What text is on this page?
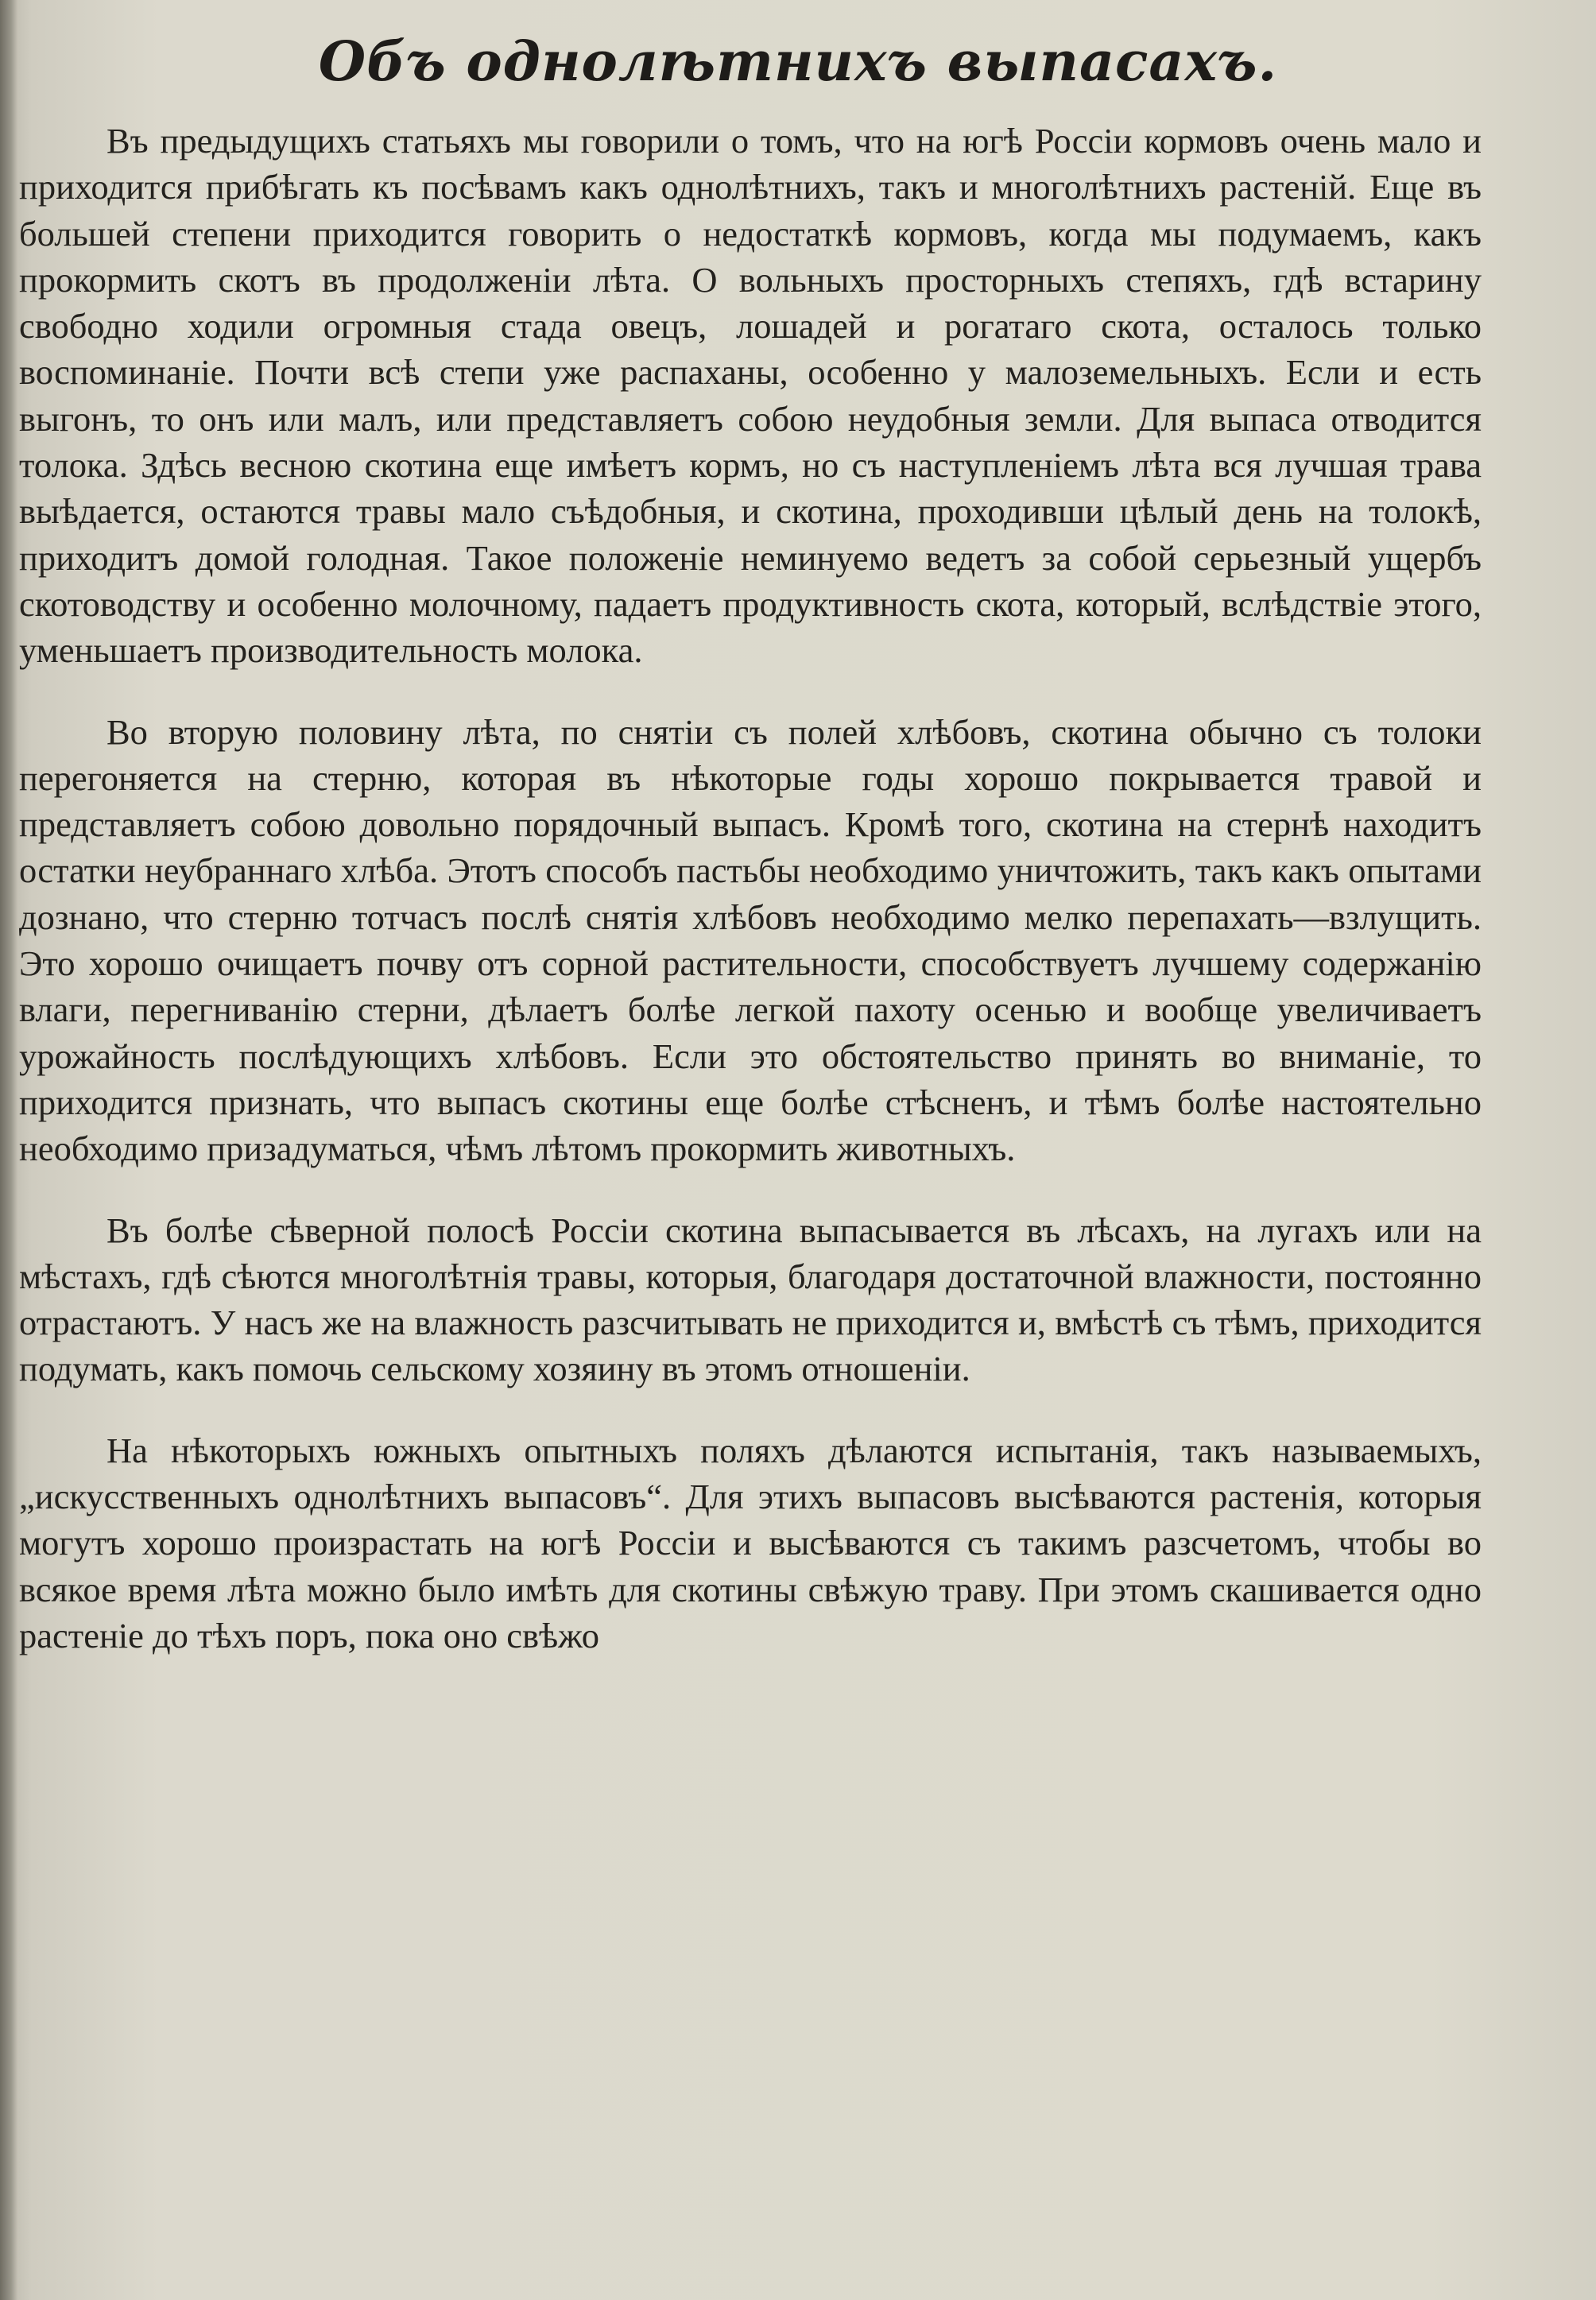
Объ однолѣтнихъ выпасахъ.

Въ предыдущихъ статьяхъ мы говорили о томъ, что на югѣ Россіи кормовъ очень мало и приходится прибѣгать къ посѣвамъ какъ однолѣтнихъ, такъ и многолѣтнихъ растеній. Еще въ большей степени приходится говорить о недостаткѣ кормовъ, когда мы подумаемъ, какъ прокормить скотъ въ продолженіи лѣта. О вольныхъ просторныхъ степяхъ, гдѣ встарину свободно ходили огромныя стада овецъ, лошадей и рогатаго скота, осталось только воспоминаніе. Почти всѣ степи уже распаханы, особенно у малоземельныхъ. Если и есть выгонъ, то онъ или малъ, или представляетъ собою неудобныя земли. Для выпаса отводится толока. Здѣсь весною скотина еще имѣетъ кормъ, но съ наступленіемъ лѣта вся лучшая трава выѣдается, остаются травы мало съѣдобныя, и скотина, проходивши цѣлый день на толокѣ, приходитъ домой голодная. Такое положеніе неминуемо ведетъ за собой серьезный ущербъ скотоводству и особенно молочному, падаетъ продуктивность скота, который, вслѣдствіе этого, уменьшаетъ производительность молока.

Во вторую половину лѣта, по снятіи съ полей хлѣбовъ, скотина обычно съ толоки перегоняется на стерню, которая въ нѣкоторые годы хорошо покрывается травой и представляетъ собою довольно порядочный выпасъ. Кромѣ того, скотина на стернѣ находитъ остатки неубраннаго хлѣба. Этотъ способъ пастьбы необходимо уничтожить, такъ какъ опытами дознано, что стерню тотчасъ послѣ снятія хлѣбовъ необходимо мелко перепахать—взлущить. Это хорошо очищаетъ почву отъ сорной растительности, способствуетъ лучшему содержанію влаги, перегниванію стерни, дѣлаетъ болѣе легкой пахоту осенью и вообще увеличиваетъ урожайность послѣдующихъ хлѣбовъ. Если это обстоятельство принять во вниманіе, то приходится признать, что выпасъ скотины еще болѣе стѣсненъ, и тѣмъ болѣе настоятельно необходимо призадуматься, чѣмъ лѣтомъ прокормить животныхъ.

Въ болѣе сѣверной полосѣ Россіи скотина выпасывается въ лѣсахъ, на лугахъ или на мѣстахъ, гдѣ сѣются многолѣтнія травы, которыя, благодаря достаточной влажности, постоянно отрастаютъ. У насъ же на влажность разсчитывать не приходится и, вмѣстѣ съ тѣмъ, приходится подумать, какъ помочь сельскому хозяину въ этомъ отношеніи.

На нѣкоторыхъ южныхъ опытныхъ поляхъ дѣлаются испытанія, такъ называемыхъ, „искусственныхъ однолѣтнихъ выпасовъ“. Для этихъ выпасовъ высѣваются растенія, которыя могутъ хорошо произрастать на югѣ Россіи и высѣваются съ такимъ разсчетомъ, чтобы во всякое время лѣта можно было имѣть для скотины свѣжую траву. При этомъ скашивается одно растеніе до тѣхъ поръ, пока оно свѣжо
